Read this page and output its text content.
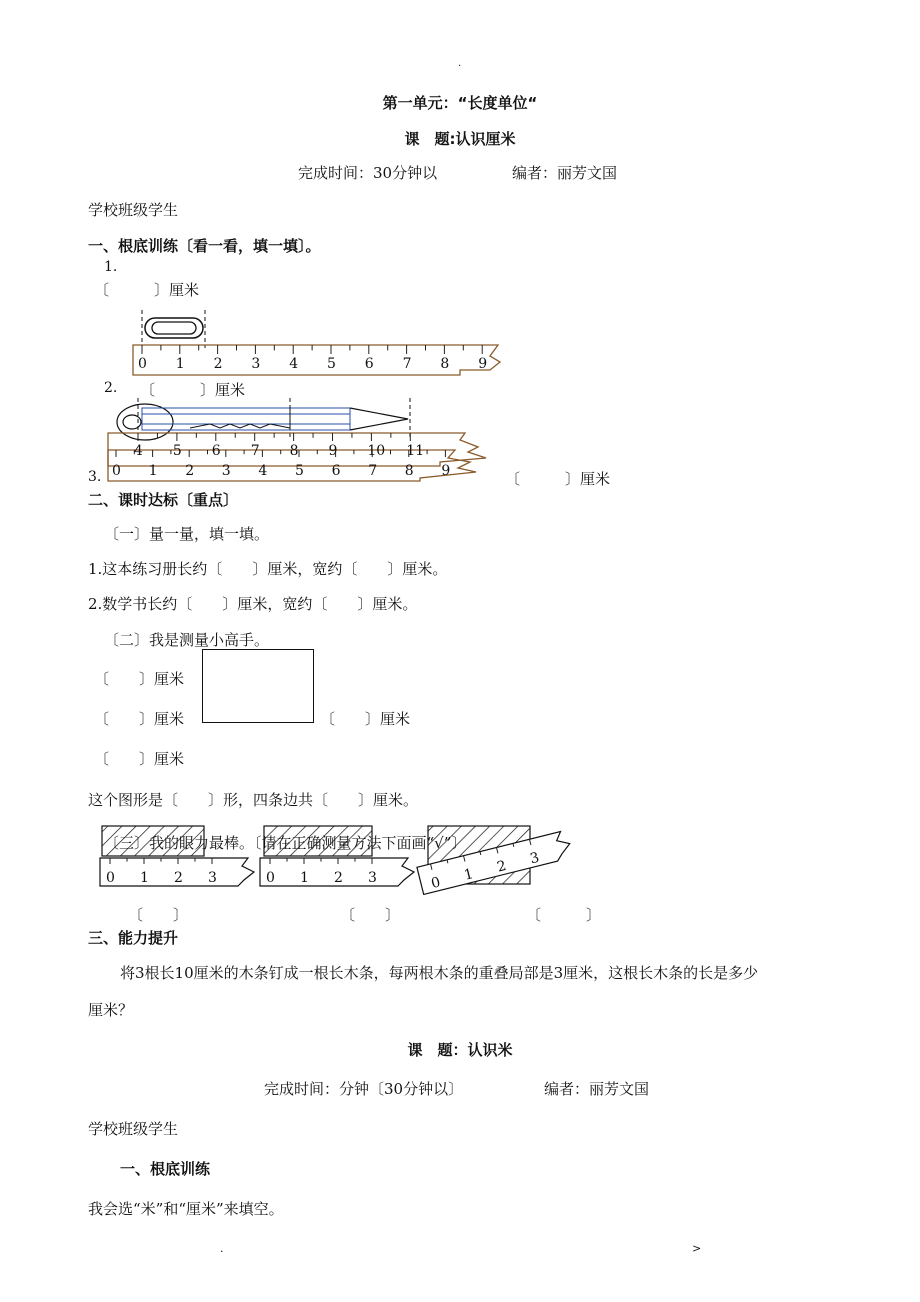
.
.	>
第一单元：“长度单位“
课　题:认识厘米
完成时间：30分钟以	编者：丽芳文国
学校班级学生
一、根底训练〔看一看，填一填〕。
1.
〔　　　〕厘米
0 1 2 3 4 5 6 7 8 9
2. 〔　　　〕厘米
4 5 6 7 8 9 10 11
0 1 2 3 4 5 6 7 8 9
3.	〔　　　〕厘米
二、课时达标〔重点〕
〔一〕量一量，填一填。
1.这本练习册长约〔　　〕厘米，宽约〔　　〕厘米。
2.数学书长约〔　　〕厘米，宽约〔　　〕厘米。
〔二〕我是测量小高手。
〔　　〕厘米
〔　　〕厘米	〔　　〕厘米
〔　　〕厘米
这个图形是〔　　〕形，四条边共〔　　〕厘米。
0 1 2 3	0 1 2 3	0 1 2 3
〔三〕我的眼力最棒。〔请在正确测量方法下面画“√”〕
〔　　〕	〔　　〕	〔　　　〕
三、能力提升
将3根长10厘米的木条钉成一根长木条，每两根木条的重叠局部是3厘米，这根长木条的长是多少
厘米？
课　题：认识米
完成时间：分钟〔30分钟以〕	编者：丽芳文国
学校班级学生
一、根底训练
我会选“米”和“厘米”来填空。
